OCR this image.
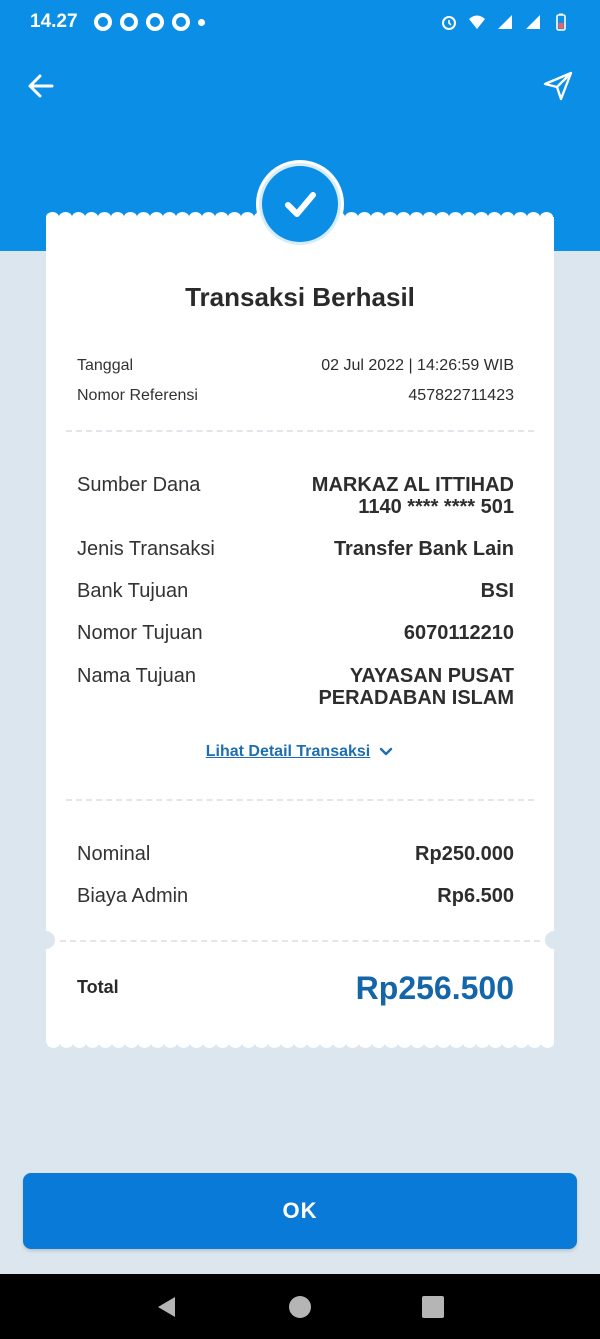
14.27
Transaksi Berhasil
Tanggal	02 Jul 2022 | 14:26:59 WIB
Nomor Referensi	457822711423
Sumber Dana	MARKAZ AL ITTIHAD
1140 **** **** 501
Jenis Transaksi	Transfer Bank Lain
Bank Tujuan	BSI
Nomor Tujuan	6070112210
Nama Tujuan	YAYASAN PUSAT
PERADABAN ISLAM
Lihat Detail Transaksi
Nominal	Rp250.000
Biaya Admin	Rp6.500
Total	Rp256.500
OK
